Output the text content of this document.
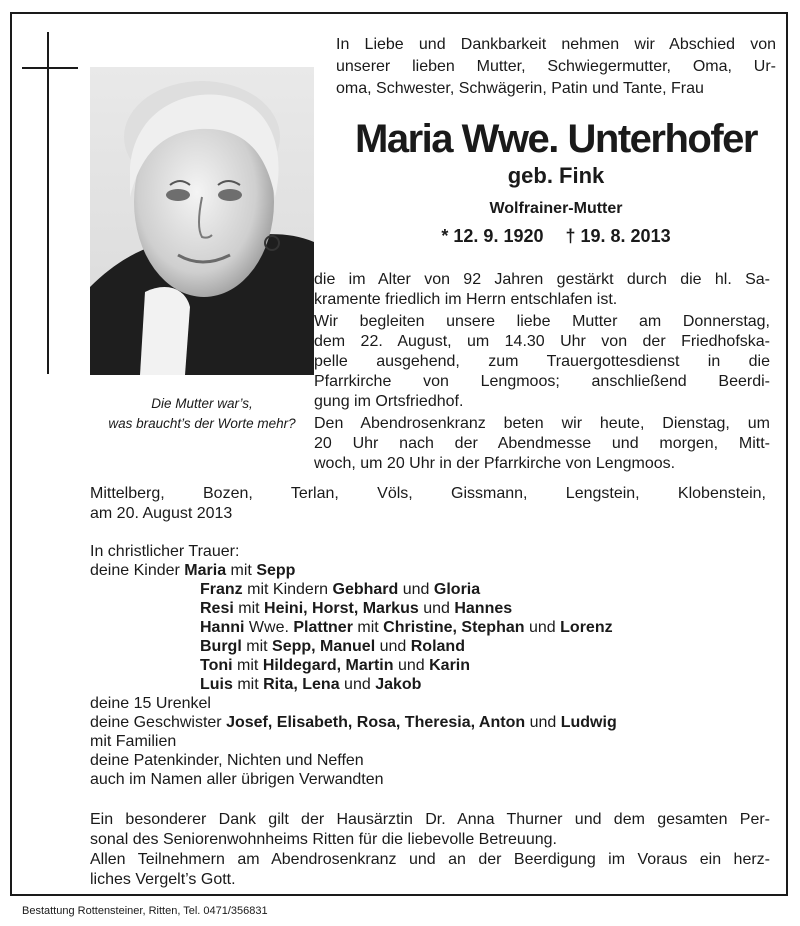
Die Mutter war’s,
was braucht’s der Worte mehr?
In Liebe und Dankbarkeit nehmen wir Abschied von
unserer lieben Mutter, Schwiegermutter, Oma, Ur-
oma, Schwester, Schwägerin, Patin und Tante, Frau
Maria Wwe. Unterhofer
geb. Fink
Wolfrainer-Mutter
* 12. 9. 1920 † 19. 8. 2013
die im Alter von 92 Jahren gestärkt durch die hl. Sa-
kramente friedlich im Herrn entschlafen ist.
Wir begleiten unsere liebe Mutter am Donnerstag,
dem 22. August, um 14.30 Uhr von der Friedhofska-
pelle ausgehend, zum Trauergottesdienst in die
Pfarrkirche von Lengmoos; anschließend Beerdi-
gung im Ortsfriedhof.
Den Abendrosenkranz beten wir heute, Dienstag, um
20 Uhr nach der Abendmesse und morgen, Mitt-
woch, um 20 Uhr in der Pfarrkirche von Lengmoos.
Mittelberg, Bozen, Terlan, Völs, Gissmann, Lengstein, Klobenstein,
am 20. August 2013
In christlicher Trauer:
deine Kinder Maria mit Sepp
Franz mit Kindern Gebhard und Gloria
Resi mit Heini, Horst, Markus und Hannes
Hanni Wwe. Plattner mit Christine, Stephan und Lorenz
Burgl mit Sepp, Manuel und Roland
Toni mit Hildegard, Martin und Karin
Luis mit Rita, Lena und Jakob
deine 15 Urenkel
deine Geschwister Josef, Elisabeth, Rosa, Theresia, Anton und Ludwig
mit Familien
deine Patenkinder, Nichten und Neffen
auch im Namen aller übrigen Verwandten
Ein besonderer Dank gilt der Hausärztin Dr. Anna Thurner und dem gesamten Per-
sonal des Seniorenwohnheims Ritten für die liebevolle Betreuung.
Allen Teilnehmern am Abendrosenkranz und an der Beerdigung im Voraus ein herz-
liches Vergelt’s Gott.
Bestattung Rottensteiner, Ritten, Tel. 0471/356831
